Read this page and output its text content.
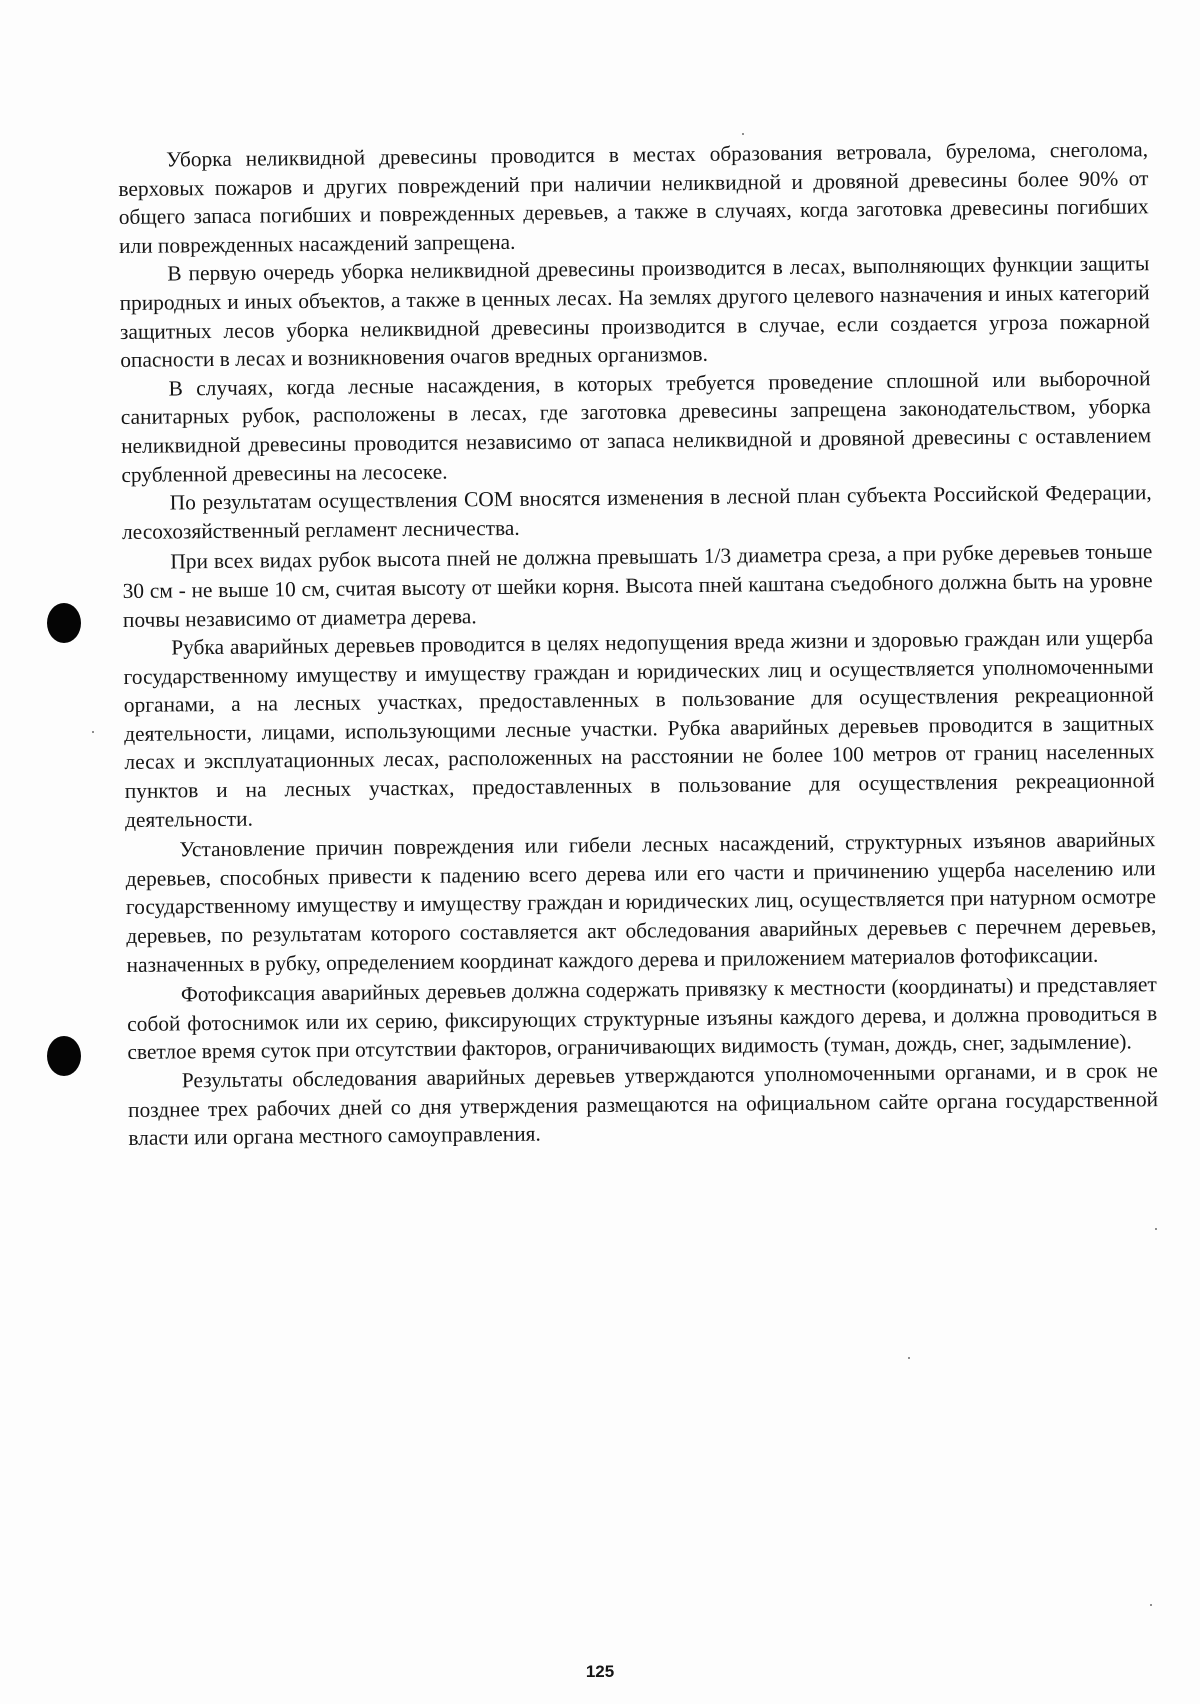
Уборка неликвидной древесины проводится в местах образования ветровала, бурелома, снеголома, верховых пожаров и других повреждений при наличии неликвидной и дровяной древесины более 90% от общего запаса погибших и поврежденных деревьев, а также в случаях, когда заготовка древесины погибших или поврежденных насаждений запрещена.

В первую очередь уборка неликвидной древесины производится в лесах, выполняющих функции защиты природных и иных объектов, а также в ценных лесах. На землях другого целевого назначения и иных категорий защитных лесов уборка неликвидной древесины производится в случае, если создается угроза пожарной опасности в лесах и возникновения очагов вредных организмов.

В случаях, когда лесные насаждения, в которых требуется проведение сплошной или выборочной санитарных рубок, расположены в лесах, где заготовка древесины запрещена законодательством, уборка неликвидной древесины проводится независимо от запаса неликвидной и дровяной древесины с оставлением срубленной древесины на лесосеке.

По результатам осуществления СОМ вносятся изменения в лесной план субъекта Российской Федерации, лесохозяйственный регламент лесничества.

При всех видах рубок высота пней не должна превышать 1/3 диаметра среза, а при рубке деревьев тоньше 30 см - не выше 10 см, считая высоту от шейки корня. Высота пней каштана съедобного должна быть на уровне почвы независимо от диаметра дерева.

Рубка аварийных деревьев проводится в целях недопущения вреда жизни и здоровью граждан или ущерба государственному имуществу и имуществу граждан и юридических лиц и осуществляется уполномоченными органами, а на лесных участках, предоставленных в пользование для осуществления рекреационной деятельности, лицами, использующими лесные участки. Рубка аварийных деревьев проводится в защитных лесах и эксплуатационных лесах, расположенных на расстоянии не более 100 метров от границ населенных пунктов и на лесных участках, предоставленных в пользование для осуществления рекреационной деятельности.

Установление причин повреждения или гибели лесных насаждений, структурных изъянов аварийных деревьев, способных привести к падению всего дерева или его части и причинению ущерба населению или государственному имуществу и имуществу граждан и юридических лиц, осуществляется при натурном осмотре деревьев, по результатам которого составляется акт обследования аварийных деревьев с перечнем деревьев, назначенных в рубку, определением координат каждого дерева и приложением материалов фотофиксации.

Фотофиксация аварийных деревьев должна содержать привязку к местности (координаты) и представляет собой фотоснимок или их серию, фиксирующих структурные изъяны каждого дерева, и должна проводиться в светлое время суток при отсутствии факторов, ограничивающих видимость (туман, дождь, снег, задымление).

Результаты обследования аварийных деревьев утверждаются уполномоченными органами, и в срок не позднее трех рабочих дней со дня утверждения размещаются на официальном сайте органа государственной власти или органа местного самоуправления.

125
